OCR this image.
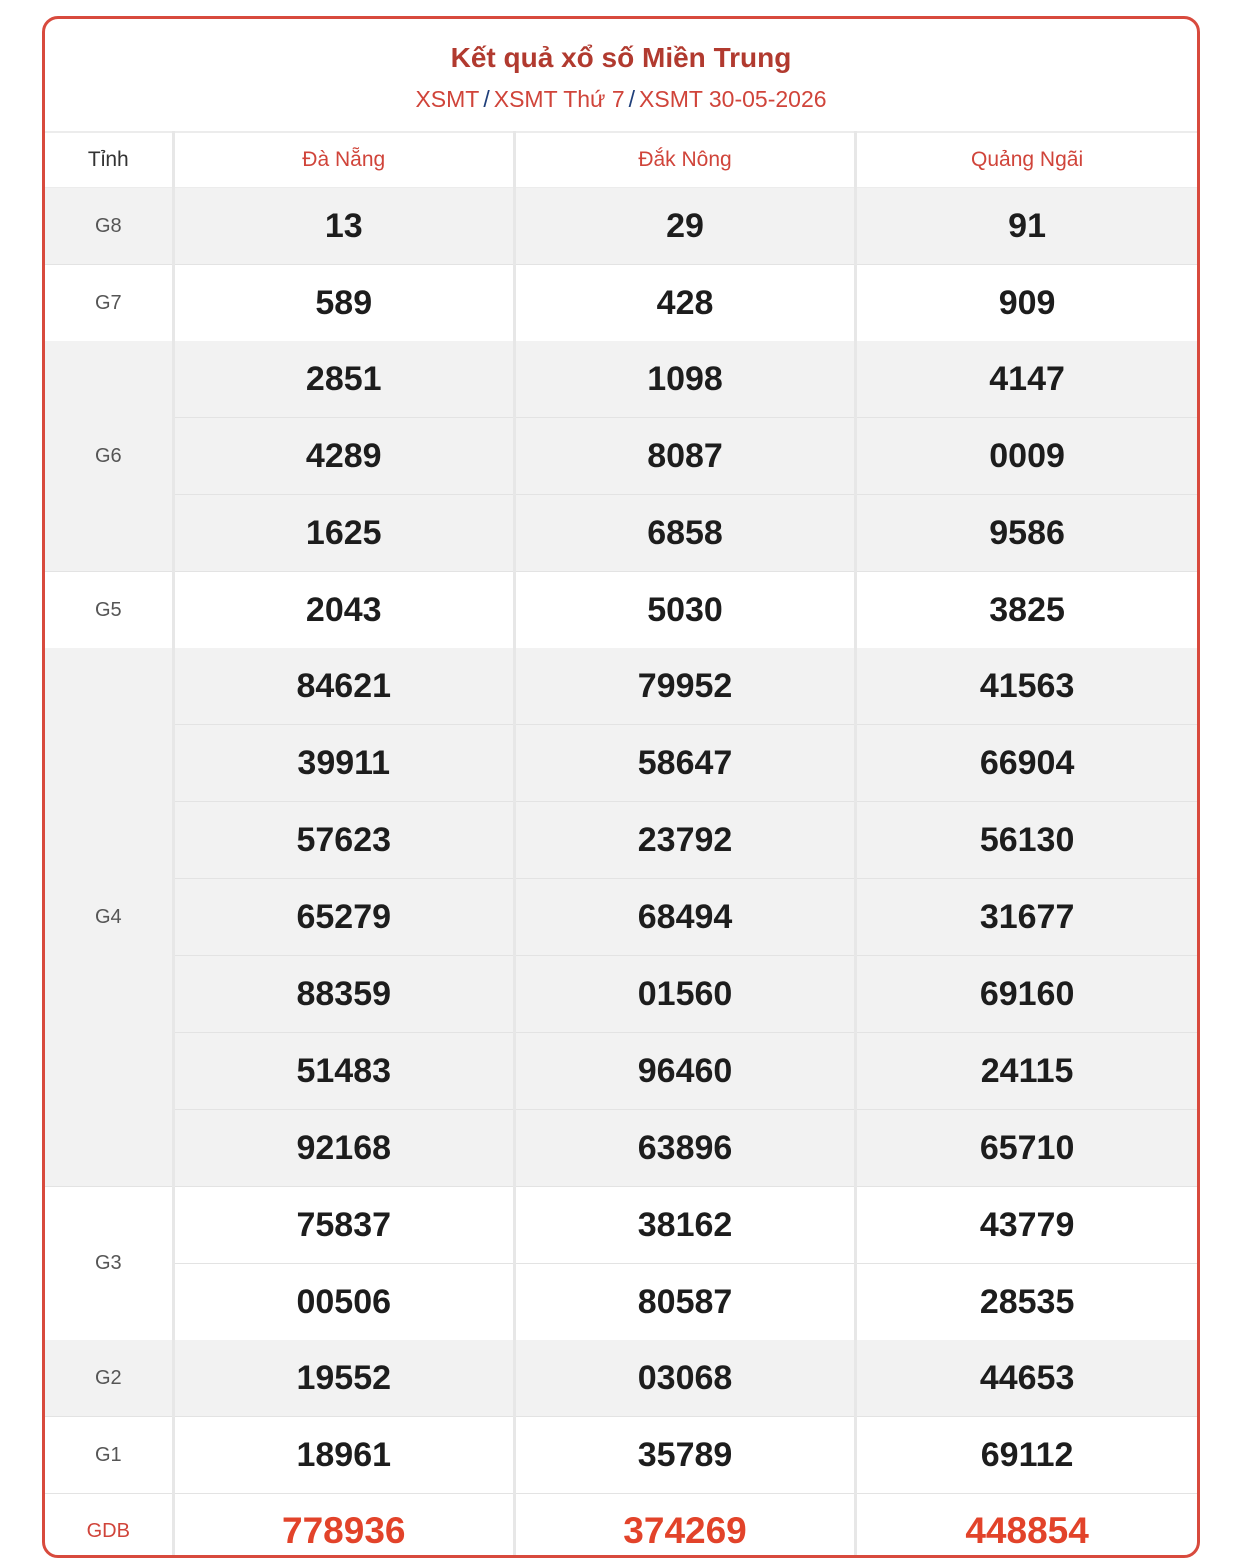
Kết quả xổ số Miền Trung
XSMT / XSMT Thứ 7 / XSMT 30-05-2026
Tỉnh	Đà Nẵng	Đắk Nông	Quảng Ngãi
G8	13	29	91
G7	589	428	909
G6	2851	1098	4147
	4289	8087	0009
	1625	6858	9586
G5	2043	5030	3825
G4	84621	79952	41563
	39911	58647	66904
	57623	23792	56130
	65279	68494	31677
	88359	01560	69160
	51483	96460	24115
	92168	63896	65710
G3	75837	38162	43779
	00506	80587	28535
G2	19552	03068	44653
G1	18961	35789	69112
GDB	778936	374269	448854
